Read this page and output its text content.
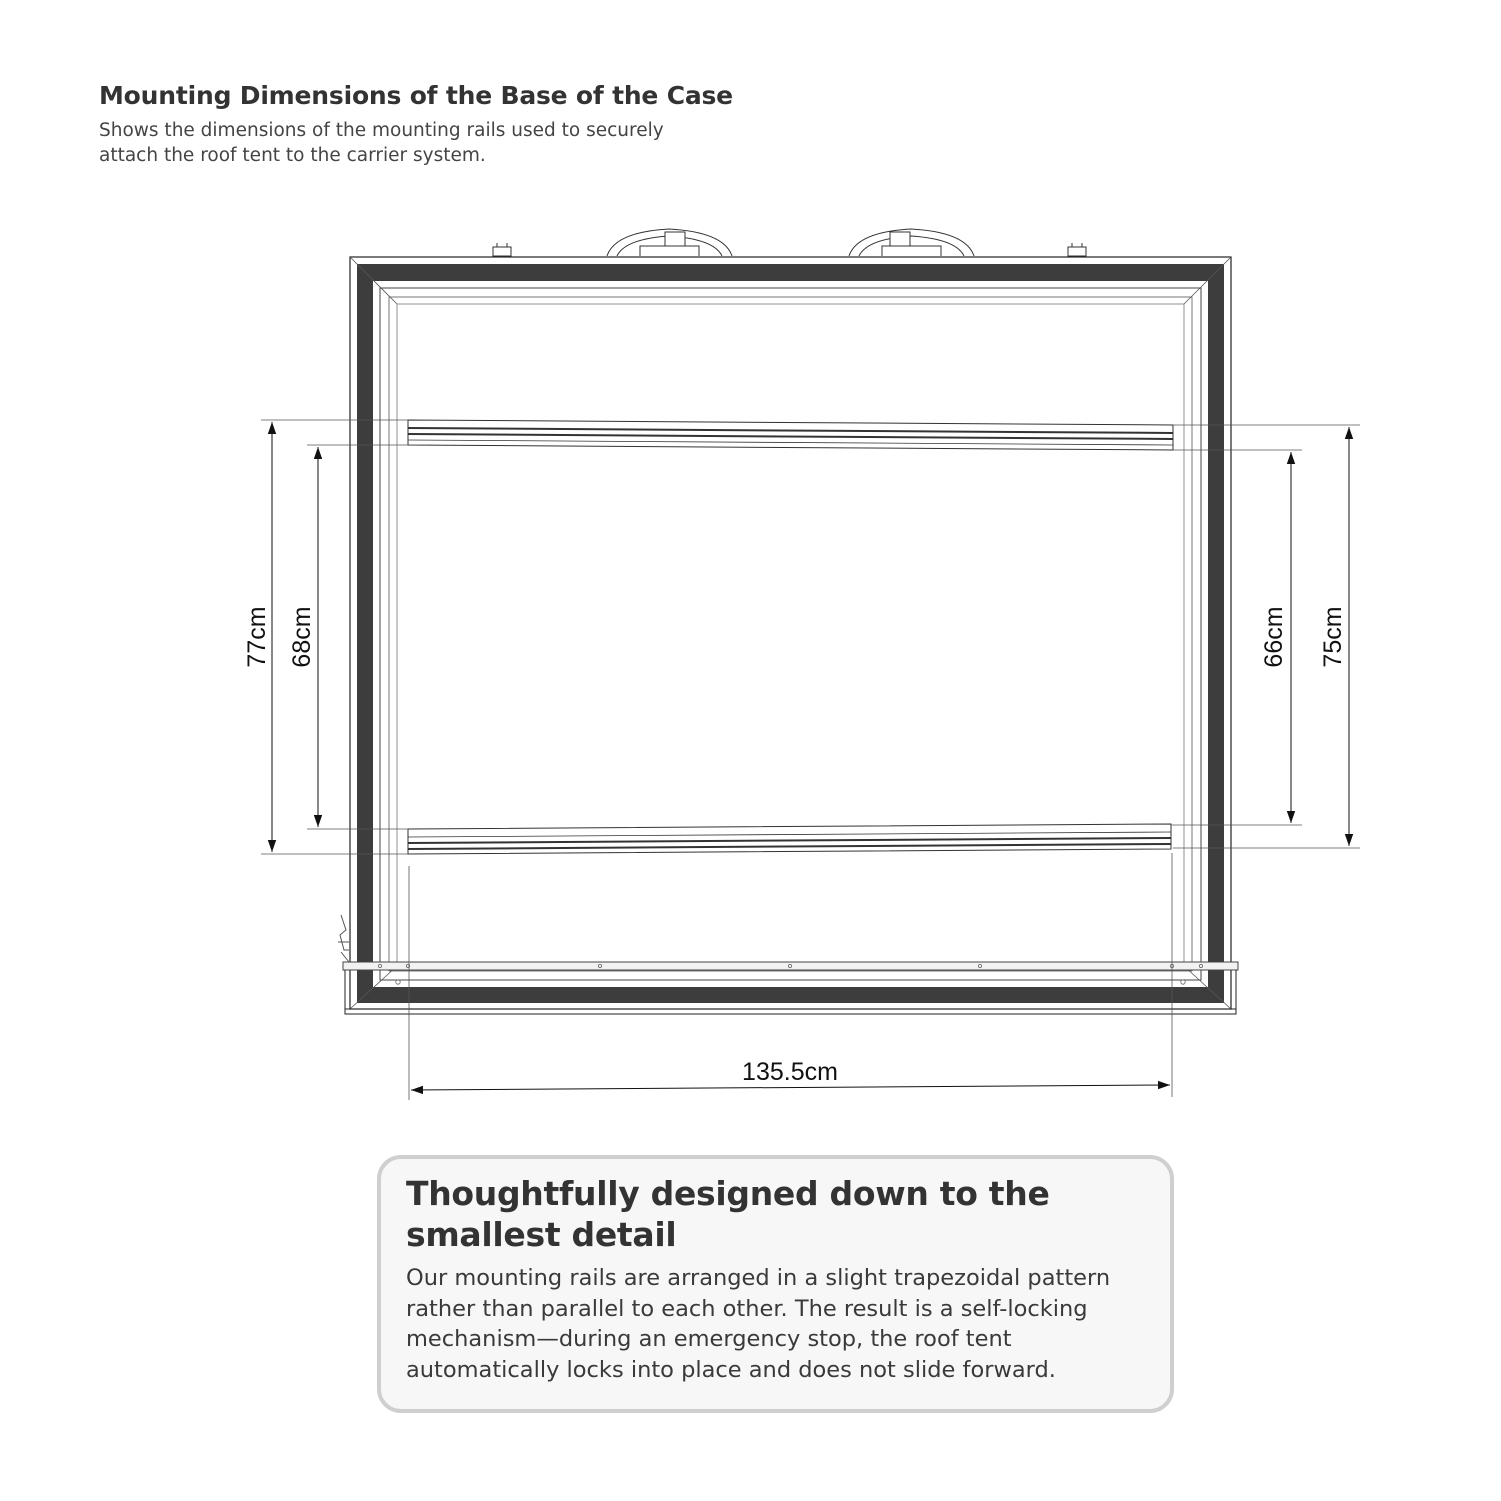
Mounting Dimensions of the Base of the Case

Shows the dimensions of the mounting rails used to securely attach the roof tent to the carrier system.

77cm 68cm	66cm 75cm
135.5cm
Thoughtfully designed down to the smallest detail

Our mounting rails are arranged in a slight trapezoidal pattern rather than parallel to each other. The result is a self-locking mechanism—during an emergency stop, the roof tent automatically locks into place and does not slide forward.
